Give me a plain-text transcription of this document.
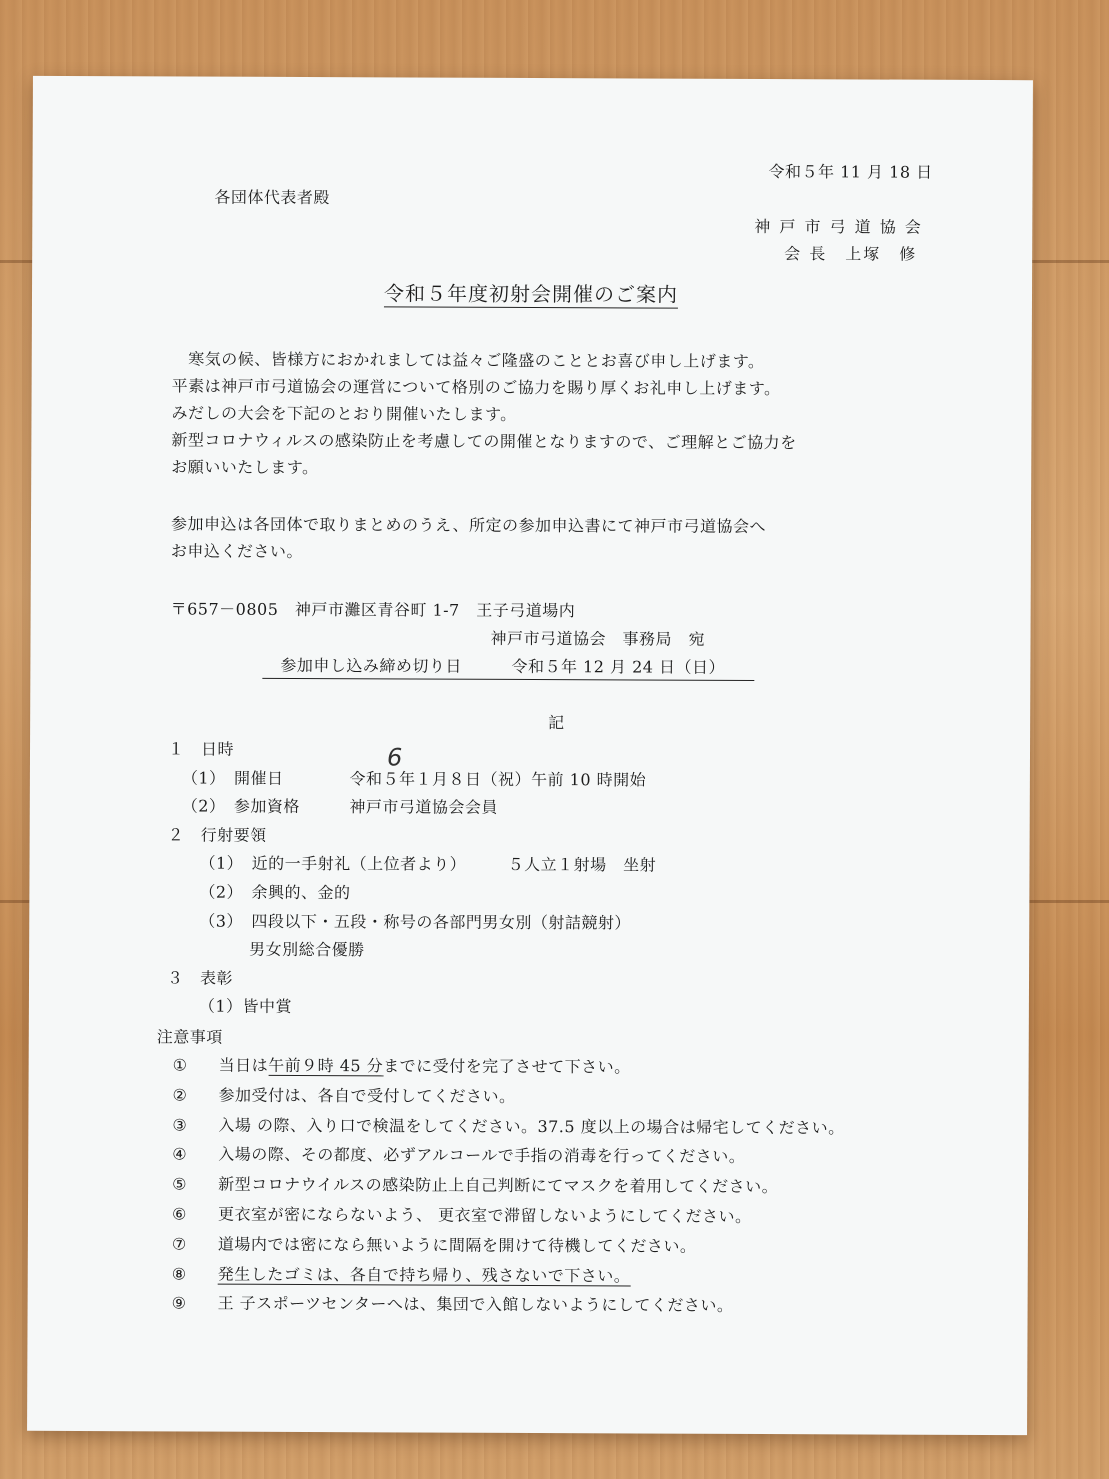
令和５年 11 月 18 日
各団体代表者殿
神 戸 市 弓 道 協 会
会 長　上塚　修
令和５年度初射会開催のご案内
〒657－0805　神戸市灘区青谷町 1-7　王子弓道場内
神戸市弓道協会　事務局　宛
参加申し込み締め切り日	令和５年 12 月 24 日（日）
記
6
注意事項
　寒気の候、皆様方におかれましては益々ご隆盛のこととお喜び申し上げます。
平素は神戸市弓道協会の運営について格別のご協力を賜り厚くお礼申し上げます。
みだしの大会を下記のとおり開催いたします。
新型コロナウィルスの感染防止を考慮しての開催となりますので、ご理解とご協力を
お願いいたします。
参加申込は各団体で取りまとめのうえ、所定の参加申込書にて神戸市弓道協会へ
お申込ください。
１　日時
（1）　開催日　　　　令和５年１月８日（祝）午前 10 時開始
（2）　参加資格　　　神戸市弓道協会会員
２　行射要領
（1）　近的一手射礼（上位者より）　　　５人立１射場　坐射
（2）　余興的、金的
（3）　四段以下・五段・称号の各部門男女別（射詰競射）
男女別総合優勝
３　表彰
（1）皆中賞
① 当日は午前９時 45 分までに受付を完了させて下さい。
② 参加受付は、各自で受付してください。
③ 入場 の際、入り口で検温をしてください。37.5 度以上の場合は帰宅してください。
④ 入場の際、その都度、必ずアルコールで手指の消毒を行ってください。
⑤ 新型コロナウイルスの感染防止上自己判断にてマスクを着用してください。
⑥ 更衣室が密にならないよう、 更衣室で滞留しないようにしてください。
⑦ 道場内では密になら無いように間隔を開けて待機してください。
⑧ 発生したゴミは、各自で持ち帰り、残さないで下さい。
⑨ 王 子スポーツセンターへは、集団で入館しないようにしてください。
